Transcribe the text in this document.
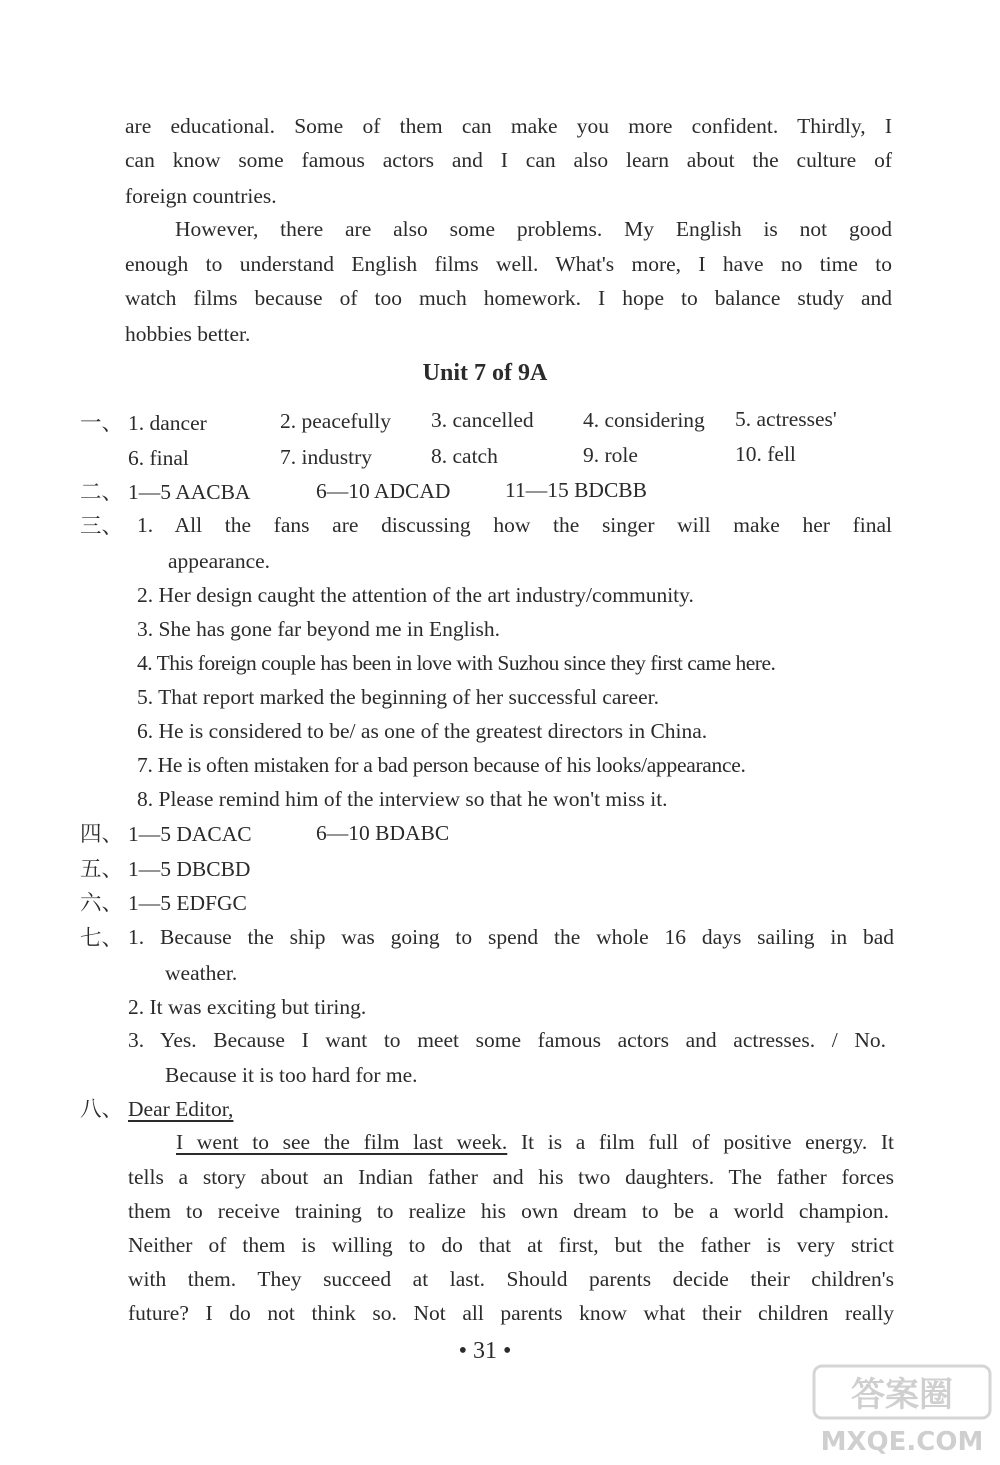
are educational. Some of them can make you more confident. Thirdly, I
can know some famous actors and I can also learn about the culture of
foreign countries.
However, there are also some problems. My English is not good
enough to understand English films well. What's more, I have no time to
watch films because of too much homework. I hope to balance study and
hobbies better.
Unit 7 of 9A
一、 1. dancer	2. peacefully 3. cancelled 4. considering 5. actresses'
6. final	7. industry	8. catch	9. role	10. fell
二、 1—5 AACBA	6—10 ADCAD	11—15 BDCBB
三、 1. All the fans are discussing how the singer will make her final
appearance.
2. Her design caught the attention of the art industry/community.
3. She has gone far beyond me in English.
4. This foreign couple has been in love with Suzhou since they first came here.
5. That report marked the beginning of her successful career.
6. He is considered to be/ as one of the greatest directors in China.
7. He is often mistaken for a bad person because of his looks/appearance.
8. Please remind him of the interview so that he won't miss it.
四、 1—5 DACAC	6—10 BDABC
五、 1—5 DBCBD
六、 1—5 EDFGC
七、 1. Because the ship was going to spend the whole 16 days sailing in bad
weather.
2. It was exciting but tiring.
3. Yes. Because I want to meet some famous actors and actresses. / No.
Because it is too hard for me.
八、 Dear Editor,
I went to see the film last week. It is a film full of positive energy. It
tells a story about an Indian father and his two daughters. The father forces
them to receive training to realize his own dream to be a world champion.
Neither of them is willing to do that at first, but the father is very strict
with them. They succeed at last. Should parents decide their children's
future? I do not think so. Not all parents know what their children really
• 31 •
答案圈
MXQE.COM
